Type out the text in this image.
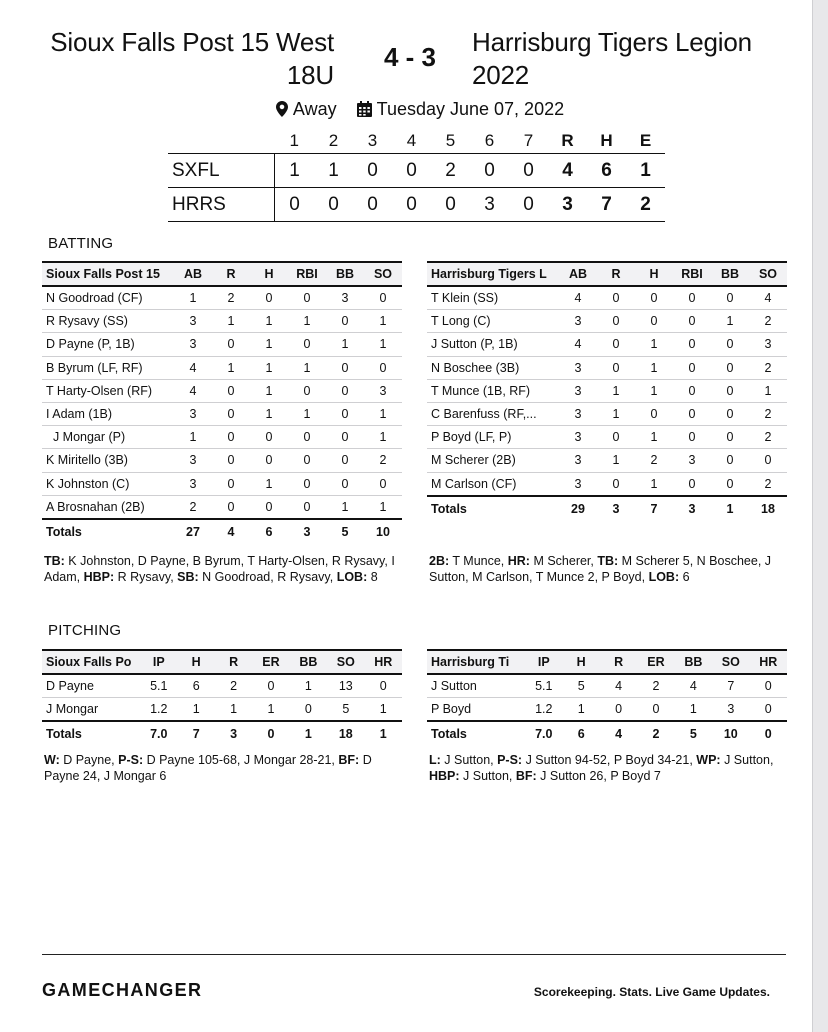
Sioux Falls Post 15 West
18U
4 - 3	Harrisburg Tigers Legion
2022
Away Tuesday June 07, 2022
	1	2	3	4	5	6	7	R	H	E
SXFL	1	1	0	0	2	0	0	4	6	1
HRRS	0	0	0	0	0	3	0	3	7	2
BATTING
Sioux Falls Post 15	AB	R	H	RBI	BB	SO
N Goodroad (CF)	1	2	0	0	3	0
R Rysavy (SS)	3	1	1	1	0	1
D Payne (P, 1B)	3	0	1	0	1	1
B Byrum (LF, RF)	4	1	1	1	0	0
T Harty-Olsen (RF)	4	0	1	0	0	3
I Adam (1B)	3	0	1	1	0	1
J Mongar (P)	1	0	0	0	0	1
K Miritello (3B)	3	0	0	0	0	2
K Johnston (C)	3	0	1	0	0	0
A Brosnahan (2B)	2	0	0	0	1	1
Totals	27	4	6	3	5	10
TB: K Johnston, D Payne, B Byrum, T Harty-Olsen, R Rysavy, I Adam, HBP: R Rysavy, SB: N Goodroad, R Rysavy, LOB: 8
Harrisburg Tigers L	AB	R	H	RBI	BB	SO
T Klein (SS)	4	0	0	0	0	4
T Long (C)	3	0	0	0	1	2
J Sutton (P, 1B)	4	0	1	0	0	3
N Boschee (3B)	3	0	1	0	0	2
T Munce (1B, RF)	3	1	1	0	0	1
C Barenfuss (RF,...	3	1	0	0	0	2
P Boyd (LF, P)	3	0	1	0	0	2
M Scherer (2B)	3	1	2	3	0	0
M Carlson (CF)	3	0	1	0	0	2
Totals	29	3	7	3	1	18
2B: T Munce, HR: M Scherer, TB: M Scherer 5, N Boschee, J Sutton, M Carlson, T Munce 2, P Boyd, LOB: 6
PITCHING
Sioux Falls Po	IP	H	R	ER	BB	SO	HR
D Payne	5.1	6	2	0	1	13	0
J Mongar	1.2	1	1	1	0	5	1
Totals	7.0	7	3	0	1	18	1
W: D Payne, P-S: D Payne 105-68, J Mongar 28-21, BF: D Payne 24, J Mongar 6
Harrisburg Ti	IP	H	R	ER	BB	SO	HR
J Sutton	5.1	5	4	2	4	7	0
P Boyd	1.2	1	0	0	1	3	0
Totals	7.0	6	4	2	5	10	0
L: J Sutton, P-S: J Sutton 94-52, P Boyd 34-21, WP: J Sutton, HBP: J Sutton, BF: J Sutton 26, P Boyd 7
GAMECHANGER	Scorekeeping. Stats. Live Game Updates.
